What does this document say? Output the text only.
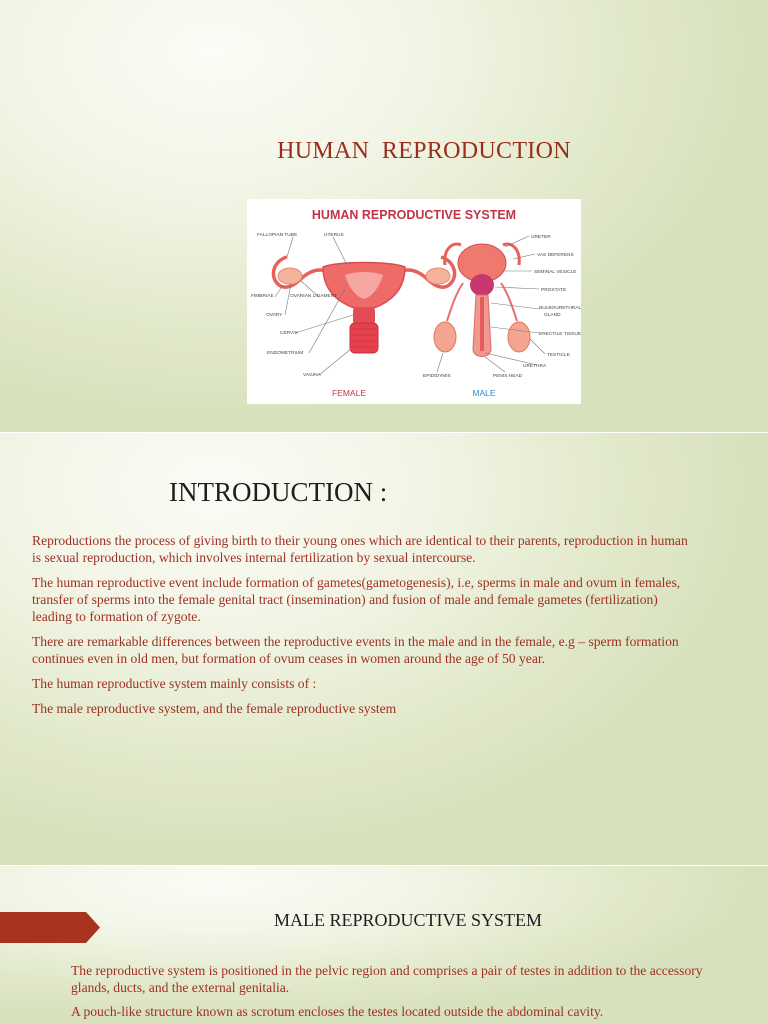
HUMAN  REPRODUCTION
HUMAN REPRODUCTIVE SYSTEM
FALLOPIAN TUBE	UTERUS
FIMBRIAE	OVARIAN LIGAMENT
OVARY
CERVIX
ENDOMETRIUM
VAGINA
URETER
VAS DEFERENS
SEMINAL VESICLE
PROSTATE
BULBOURETHRAL
GLAND
ERECTILE TISSUE
TESTICLE
URETHRA
EPIDIDYMIS	PENIS HEAD
FEMALE	MALE
INTRODUCTION :
Reproductions the process of giving birth to their young ones which are identical to their parents, reproduction in human is sexual reproduction, which involves internal fertilization by sexual intercourse.
The human reproductive event include formation of gametes(gametogenesis), i.e, sperms in male and ovum in females, transfer of sperms into the female genital tract (insemination) and fusion of male and female gametes (fertilization) leading to formation of zygote.
There are remarkable differences between the reproductive events in the male and in the female, e.g – sperm formation continues even in old men, but formation of ovum ceases in women around the age of 50 year.
The human reproductive system mainly consists of :
The male reproductive system, and the female reproductive system
MALE REPRODUCTIVE SYSTEM
The reproductive system is positioned in the pelvic region and comprises a pair of testes in addition to the accessory glands, ducts, and the external genitalia.
A pouch-like structure known as scrotum encloses the testes located outside the abdominal cavity.
